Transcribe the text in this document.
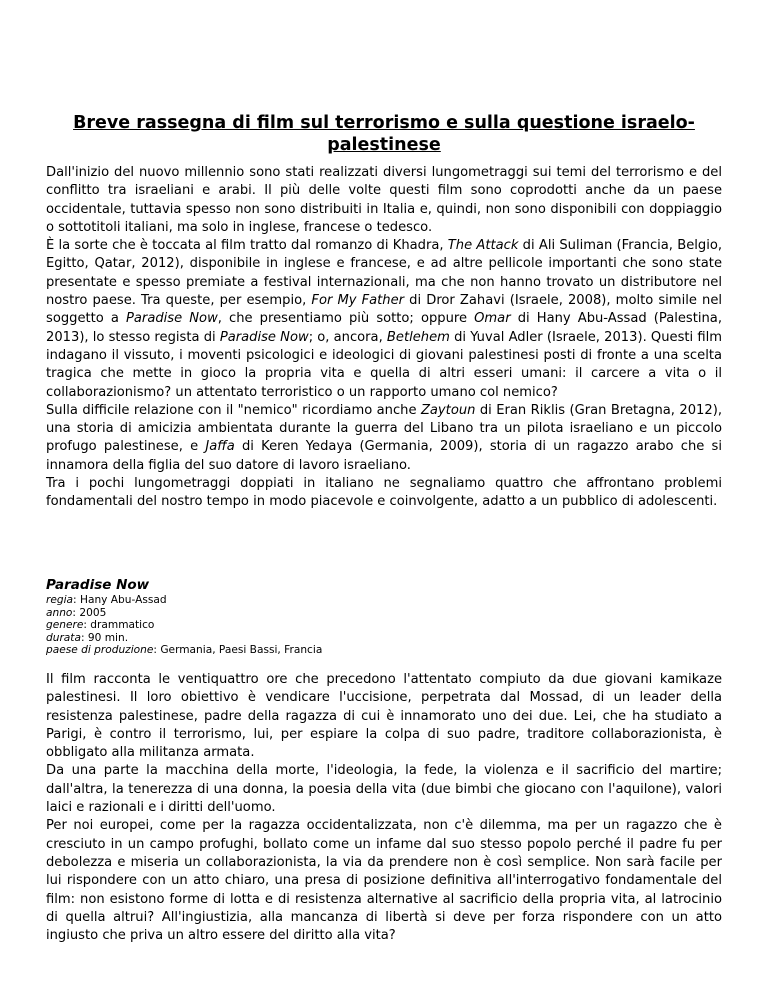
Breve rassegna di film sul terrorismo e sulla questione israelo-palestinese

Dall'inizio del nuovo millennio sono stati realizzati diversi lungometraggi sui temi del terrorismo e del conflitto tra israeliani e arabi. Il più delle volte questi film sono coprodotti anche da un paese occidentale, tuttavia spesso non sono distribuiti in Italia e, quindi, non sono disponibili con doppiaggio o sottotitoli italiani, ma solo in inglese, francese o tedesco.

È la sorte che è toccata al film tratto dal romanzo di Khadra, The Attack di Ali Suliman (Francia, Belgio, Egitto, Qatar, 2012), disponibile in inglese e francese, e ad altre pellicole importanti che sono state presentate e spesso premiate a festival internazionali, ma che non hanno trovato un distributore nel nostro paese. Tra queste, per esempio, For My Father di Dror Zahavi (Israele, 2008), molto simile nel soggetto a Paradise Now, che presentiamo più sotto; oppure Omar di Hany Abu-Assad (Palestina, 2013), lo stesso regista di Paradise Now; o, ancora, Betlehem di Yuval Adler (Israele, 2013). Questi film indagano il vissuto, i moventi psicologici e ideologici di giovani palestinesi posti di fronte a una scelta tragica che mette in gioco la propria vita e quella di altri esseri umani: il carcere a vita o il collaborazionismo? un attentato terroristico o un rapporto umano col nemico?

Sulla difficile relazione con il "nemico" ricordiamo anche Zaytoun di Eran Riklis (Gran Bretagna, 2012), una storia di amicizia ambientata durante la guerra del Libano tra un pilota israeliano e un piccolo profugo palestinese, e Jaffa di Keren Yedaya (Germania, 2009), storia di un ragazzo arabo che si innamora della figlia del suo datore di lavoro israeliano.

Tra i pochi lungometraggi doppiati in italiano ne segnaliamo quattro che affrontano problemi fondamentali del nostro tempo in modo piacevole e coinvolgente, adatto a un pubblico di adolescenti.

Paradise Now
regia: Hany Abu-Assad
anno: 2005
genere: drammatico
durata: 90 min.
paese di produzione: Germania, Paesi Bassi, Francia

Il film racconta le ventiquattro ore che precedono l'attentato compiuto da due giovani kamikaze palestinesi. Il loro obiettivo è vendicare l'uccisione, perpetrata dal Mossad, di un leader della resistenza palestinese, padre della ragazza di cui è innamorato uno dei due. Lei, che ha studiato a Parigi, è contro il terrorismo, lui, per espiare la colpa di suo padre, traditore collaborazionista, è obbligato alla militanza armata.

Da una parte la macchina della morte, l'ideologia, la fede, la violenza e il sacrificio del martire; dall'altra, la tenerezza di una donna, la poesia della vita (due bimbi che giocano con l'aquilone), valori laici e razionali e i diritti dell'uomo.

Per noi europei, come per la ragazza occidentalizzata, non c'è dilemma, ma per un ragazzo che è cresciuto in un campo profughi, bollato come un infame dal suo stesso popolo perché il padre fu per debolezza e miseria un collaborazionista, la via da prendere non è così semplice. Non sarà facile per lui rispondere con un atto chiaro, una presa di posizione definitiva all'interrogativo fondamentale del film: non esistono forme di lotta e di resistenza alternative al sacrificio della propria vita, al latrocinio di quella altrui? All'ingiustizia, alla mancanza di libertà si deve per forza rispondere con un atto ingiusto che priva un altro essere del diritto alla vita?
